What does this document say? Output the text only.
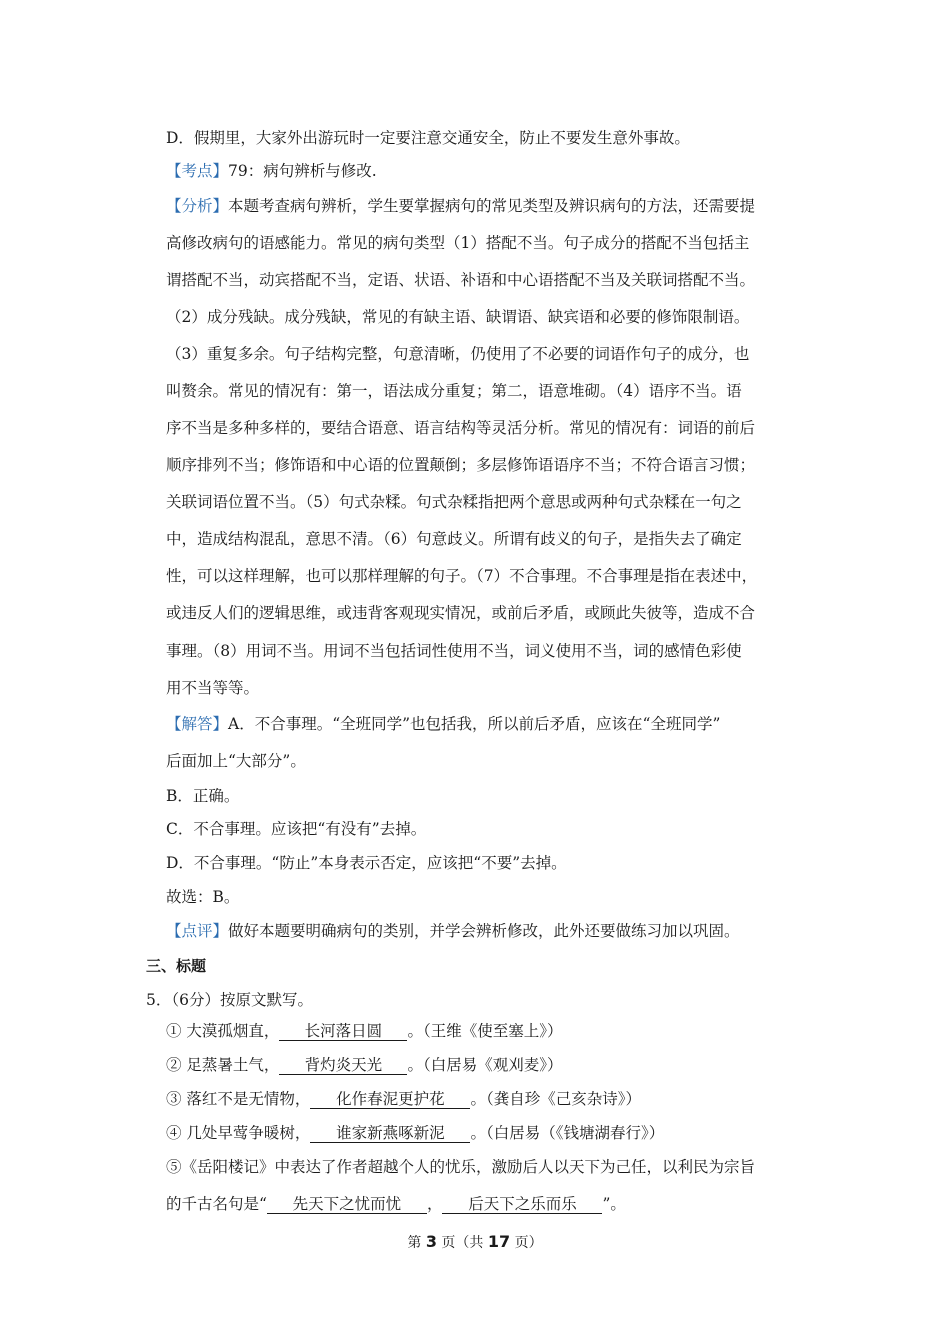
D．假期里，大家外出游玩时一定要注意交通安全，防止不要发生意外事故。
【考点】79：病句辨析与修改.
【分析】本题考查病句辨析，学生要掌握病句的常见类型及辨识病句的方法，还需要提
高修改病句的语感能力。常见的病句类型（1）搭配不当。句子成分的搭配不当包括主
谓搭配不当，动宾搭配不当，定语、状语、补语和中心语搭配不当及关联词搭配不当。
（2）成分残缺。成分残缺，常见的有缺主语、缺谓语、缺宾语和必要的修饰限制语。
（3）重复多余。句子结构完整，句意清晰，仍使用了不必要的词语作句子的成分，也
叫赘余。常见的情况有：第一，语法成分重复；第二，语意堆砌。（4）语序不当。语
序不当是多种多样的，要结合语意、语言结构等灵活分析。常见的情况有：词语的前后
顺序排列不当；修饰语和中心语的位置颠倒；多层修饰语语序不当；不符合语言习惯；
关联词语位置不当。（5）句式杂糅。句式杂糅指把两个意思或两种句式杂糅在一句之
中，造成结构混乱，意思不清。（6）句意歧义。所谓有歧义的句子，是指失去了确定
性，可以这样理解，也可以那样理解的句子。（7）不合事理。不合事理是指在表述中，
或违反人们的逻辑思维，或违背客观现实情况，或前后矛盾，或顾此失彼等，造成不合
事理。（8）用词不当。用词不当包括词性使用不当，词义使用不当，词的感情色彩使
用不当等等。
【解答】A．不合事理。“全班同学”也包括我，所以前后矛盾，应该在“全班同学”
后面加上“大部分”。
B．正确。
C．不合事理。应该把“有没有”去掉。
D．不合事理。“防止”本身表示否定，应该把“不要”去掉。
故选：B。
【点评】做好本题要明确病句的类别，并学会辨析修改，此外还要做练习加以巩固。
三、标题
5．（6分）按原文默写。
① 大漠孤烟直， 长河落日圆 。（王维《使至塞上》）
② 足蒸暑土气， 背灼炎天光 。（白居易《观刈麦》）
③ 落红不是无情物， 化作春泥更护花 。（龚自珍《己亥杂诗》）
④ 几处早莺争暖树， 谁家新燕啄新泥 。（白居易（《钱塘湖春行》）
⑤《岳阳楼记》中表达了作者超越个人的忧乐，激励后人以天下为己任，以利民为宗旨
的千古名句是“ 先天下之忧而忧 ， 后天下之乐而乐 ”。
第 3 页（共 17 页）
